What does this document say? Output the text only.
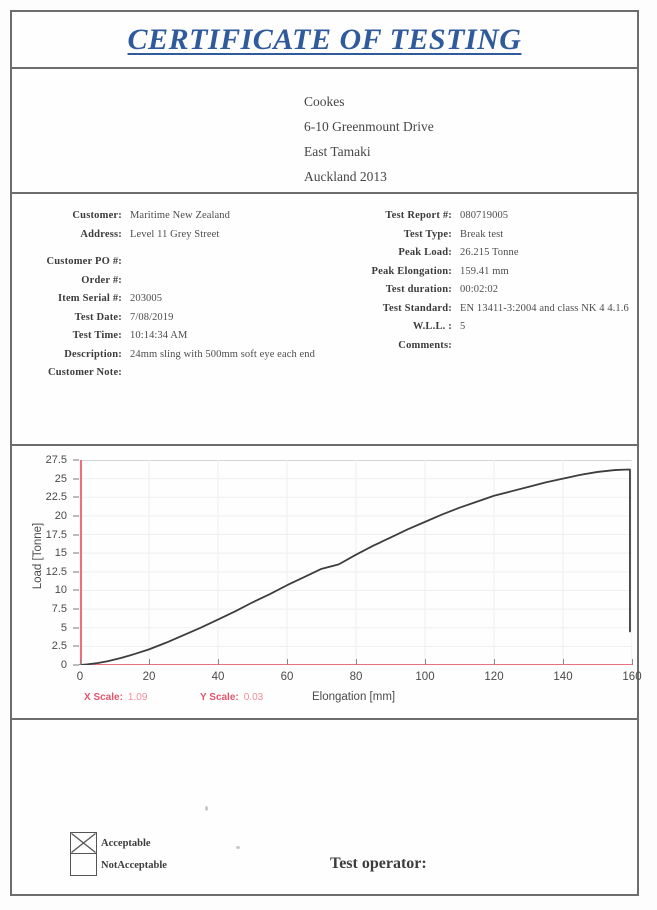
CERTIFICATE OF TESTING
Cookes
6-10 Greenmount Drive
East Tamaki
Auckland 2013
Customer: Maritime New Zealand
Address: Level 11 Grey Street
Customer PO #:
Order #:
Item Serial #: 203005
Test Date: 7/08/2019
Test Time: 10:14:34 AM
Description: 24mm sling with 500mm soft eye each end
Customer Note:
Test Report #: 080719005
Test Type: Break test
Peak Load: 26.215 Tonne
Peak Elongation: 159.41 mm
Test duration: 00:02:02
Test Standard: EN 13411-3:2004 and class NK 4 4.1.6
W.L.L. : 5
Comments:
Load [Tonne]
0
2.5
5
7.5
10
12.5
15
17.5
20
22.5
25
27.5
0	20	40	60	80	100	120	140	160
Elongation [mm]
X Scale: 1.09	Y Scale: 0.03
Acceptable
NotAcceptable	Test operator:
